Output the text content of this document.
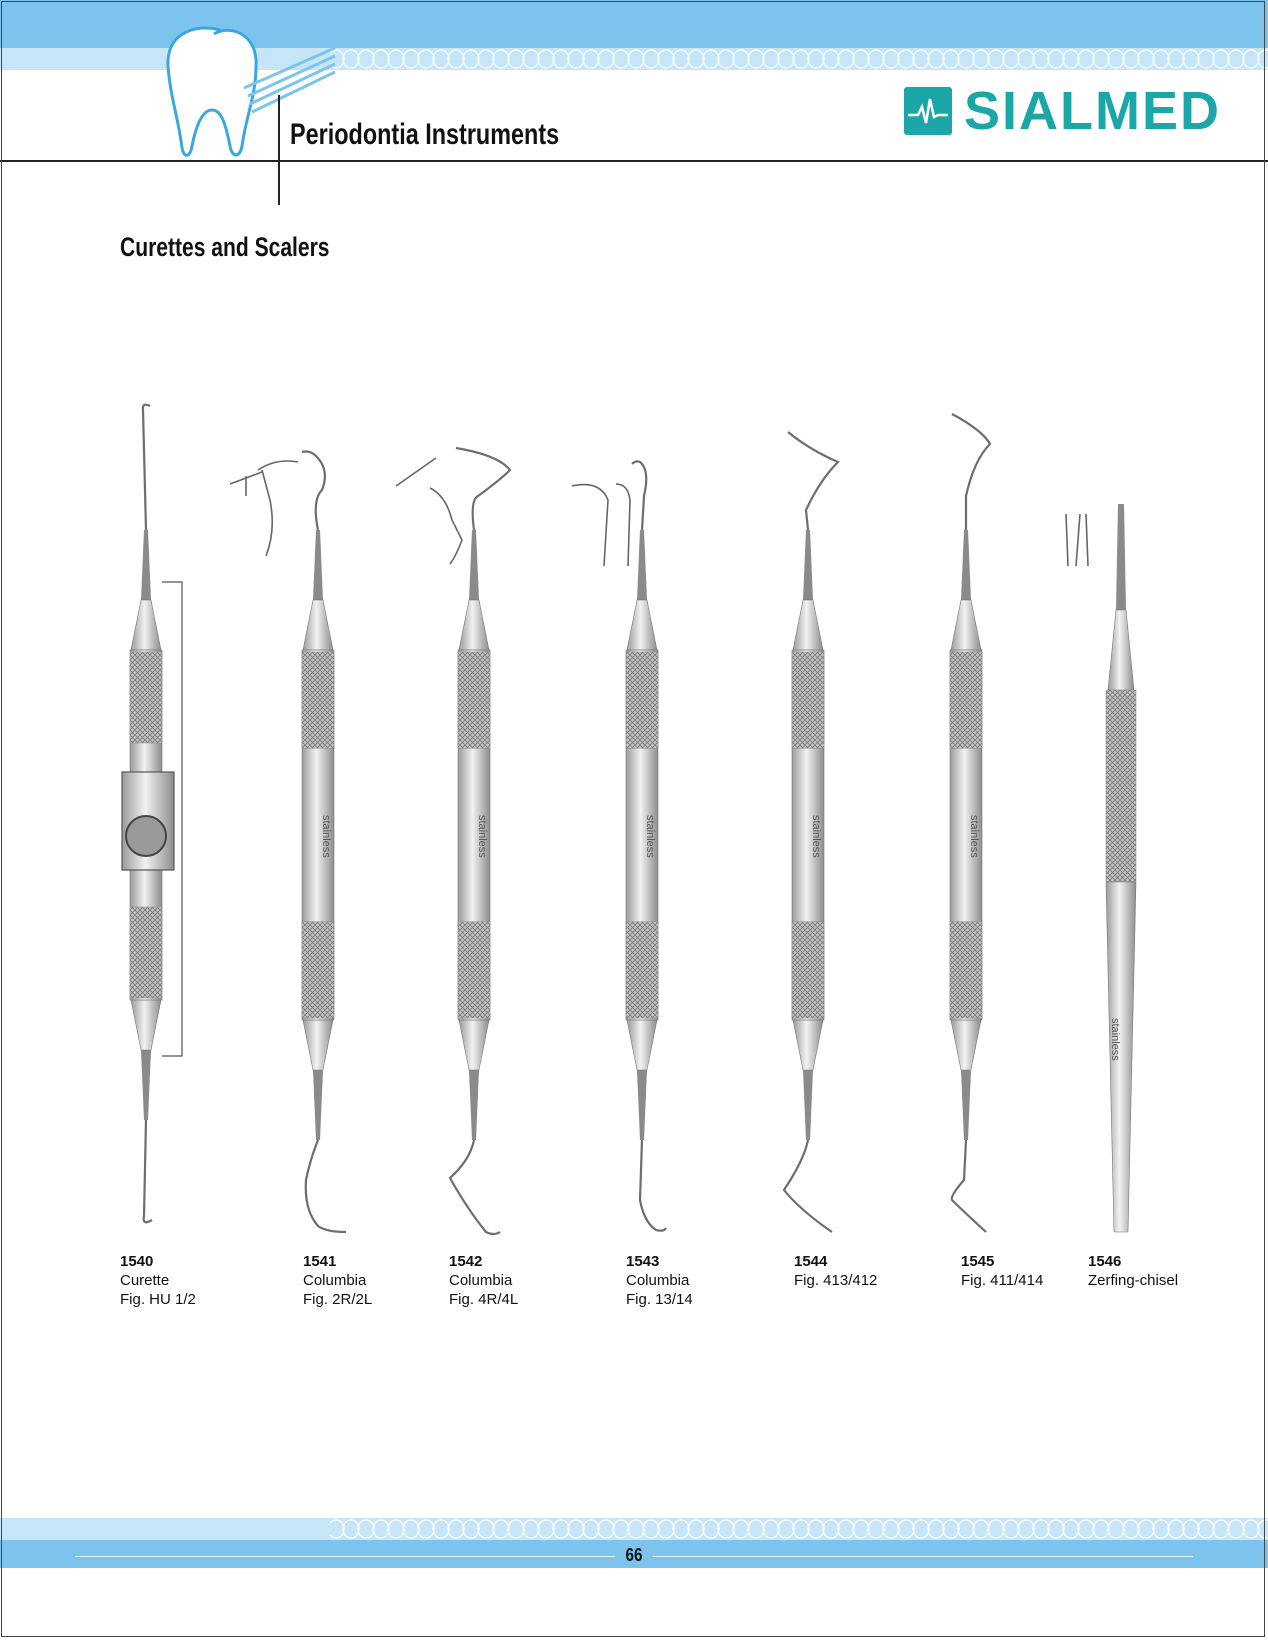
Periodontia Instruments	SIALMED
Curettes and Scalers
stainless	stainless	stainless	stainless	stainless
stainless
1540
Curette
Fig. HU 1/2
1541
Columbia
Fig. 2R/2L
1542
Columbia
Fig. 4R/4L
1543
Columbia
Fig. 13/14
1544
Fig. 413/412
1545
Fig. 411/414
1546
Zerfing-chisel
66
